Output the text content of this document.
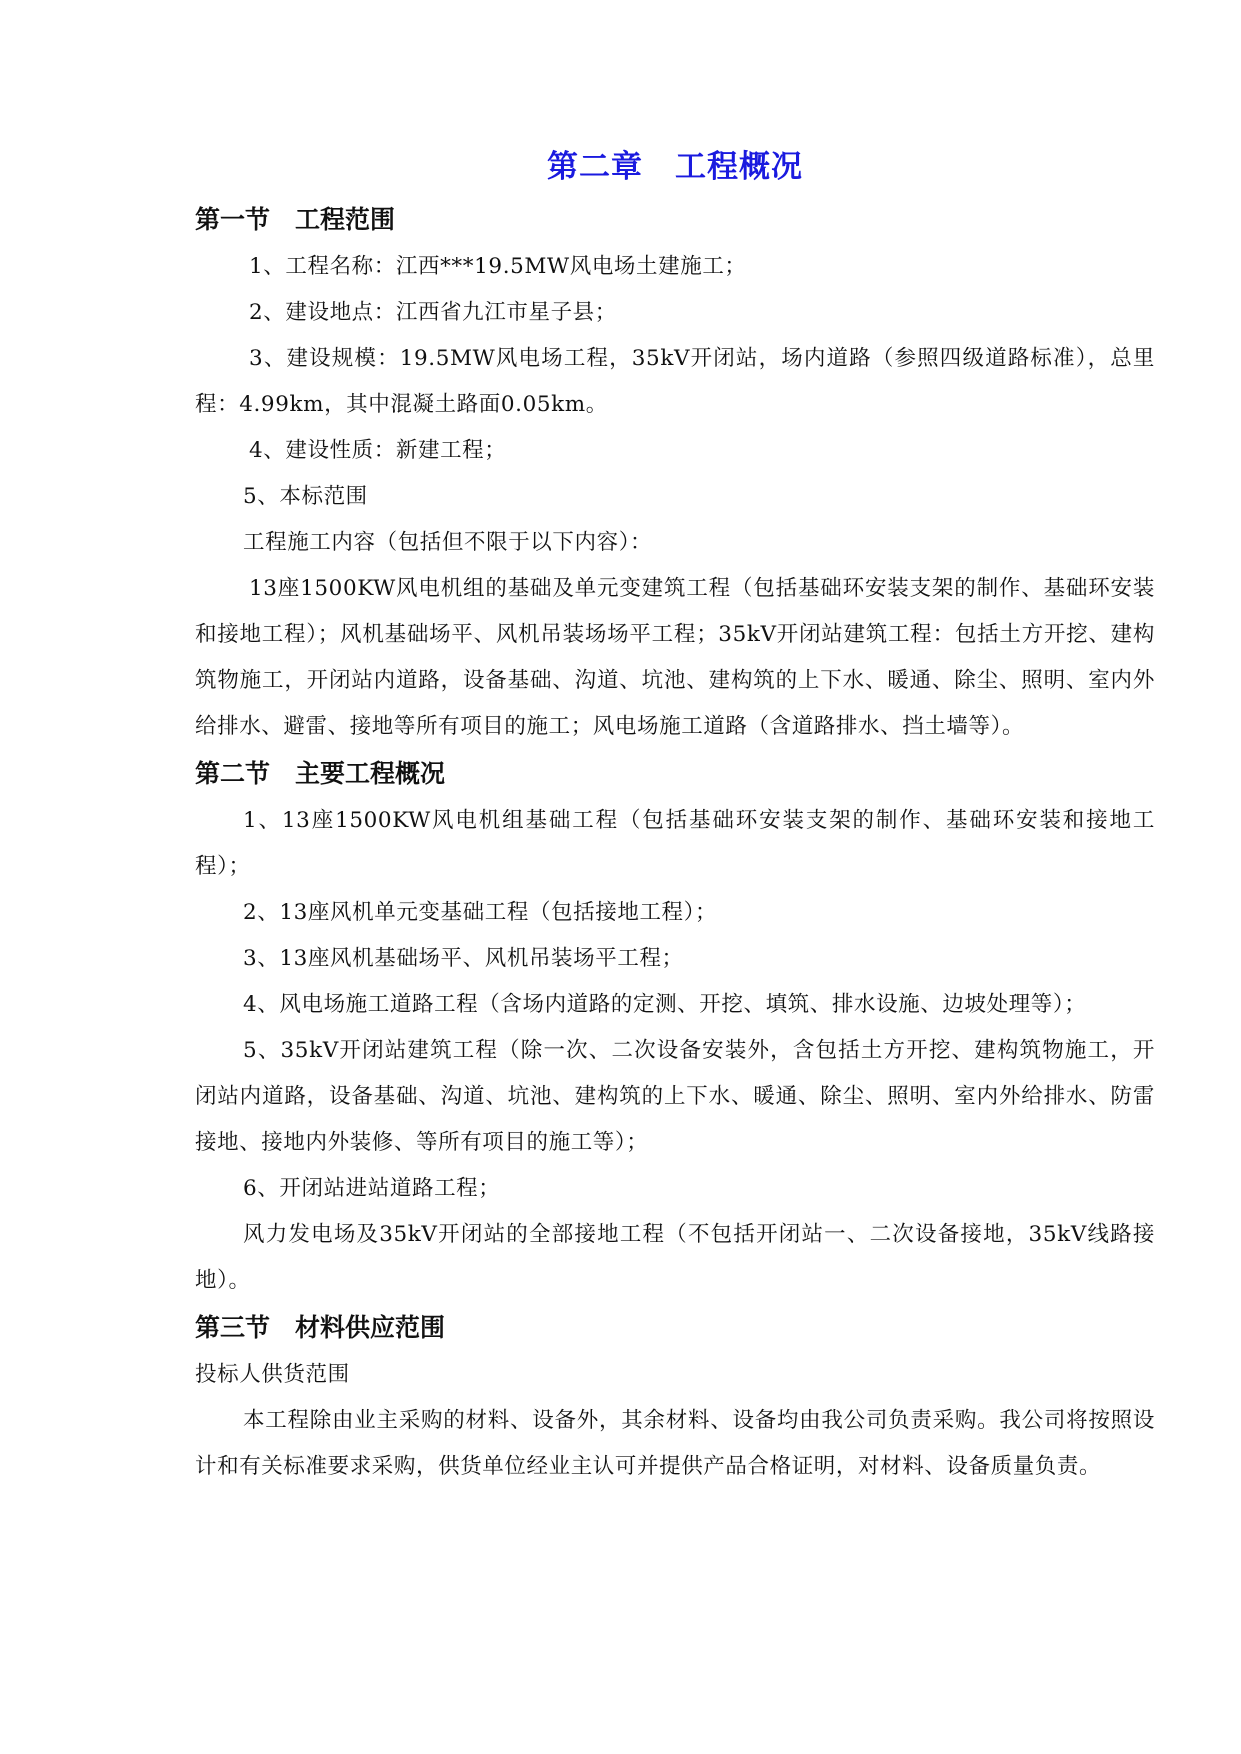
第二章　工程概况
第一节　工程范围

1、工程名称：江西***19.5MW风电场土建施工；

2、建设地点：江西省九江市星子县；

3、建设规模：19.5MW风电场工程，35kV开闭站，场内道路（参照四级道路标准），总里程：4.99km，其中混凝土路面0.05km。

4、建设性质：新建工程；

5、本标范围

工程施工内容（包括但不限于以下内容）：

13座1500KW风电机组的基础及单元变建筑工程（包括基础环安装支架的制作、基础环安装和接地工程）；风机基础场平、风机吊装场场平工程；35kV开闭站建筑工程：包括土方开挖、建构筑物施工，开闭站内道路，设备基础、沟道、坑池、建构筑的上下水、暖通、除尘、照明、室内外给排水、避雷、接地等所有项目的施工；风电场施工道路（含道路排水、挡土墙等）。

第二节　主要工程概况

1、13座1500KW风电机组基础工程（包括基础环安装支架的制作、基础环安装和接地工程）；

2、13座风机单元变基础工程（包括接地工程）；

3、13座风机基础场平、风机吊装场平工程；

4、风电场施工道路工程（含场内道路的定测、开挖、填筑、排水设施、边坡处理等）；

5、35kV开闭站建筑工程（除一次、二次设备安装外，含包括土方开挖、建构筑物施工，开闭站内道路，设备基础、沟道、坑池、建构筑的上下水、暖通、除尘、照明、室内外给排水、防雷接地、接地内外装修、等所有项目的施工等）；

6、开闭站进站道路工程；

风力发电场及35kV开闭站的全部接地工程（不包括开闭站一、二次设备接地，35kV线路接地）。

第三节　材料供应范围

投标人供货范围

本工程除由业主采购的材料、设备外，其余材料、设备均由我公司负责采购。我公司将按照设计和有关标准要求采购，供货单位经业主认可并提供产品合格证明，对材料、设备质量负责。
